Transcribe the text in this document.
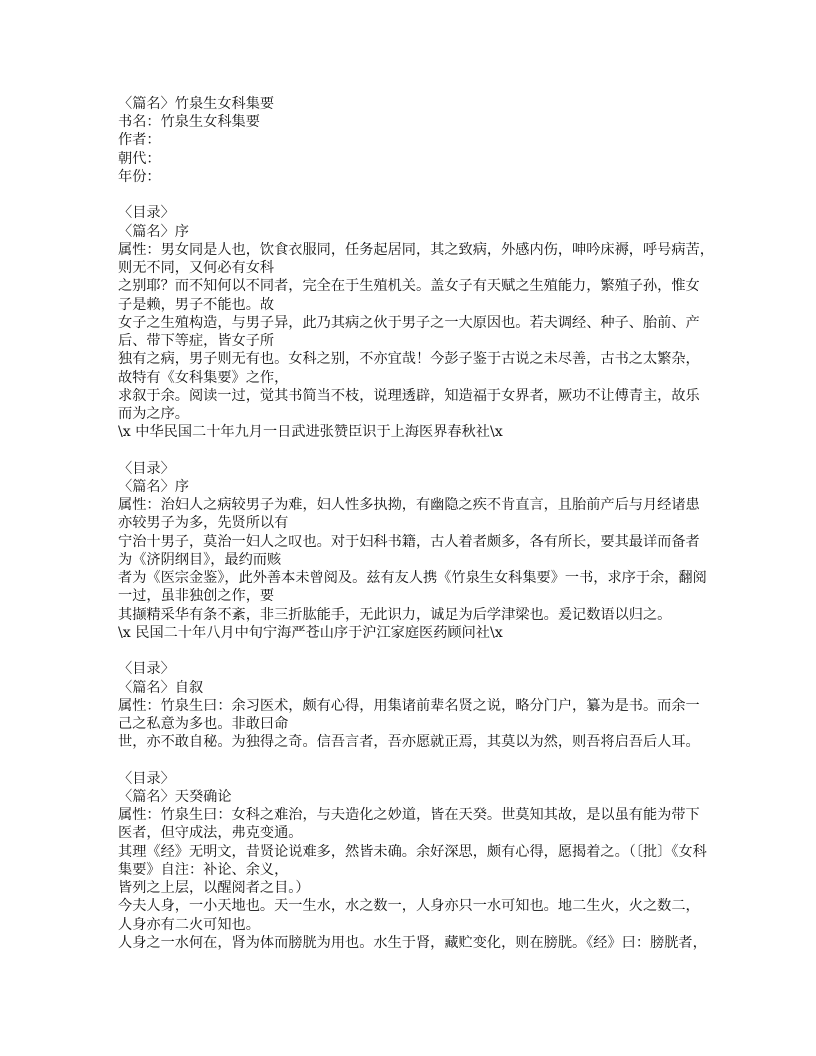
〈篇名〉竹泉生女科集要
书名：竹泉生女科集要
作者：
朝代：
年份：
〈目录〉
〈篇名〉序
属性：男女同是人也，饮食衣服同，任务起居同，其之致病，外感内伤，呻吟床褥，呼号病苦，
则无不同，又何必有女科
之别耶？而不知何以不同者，完全在于生殖机关。盖女子有天赋之生殖能力，繁殖子孙，惟女
子是赖，男子不能也。故
女子之生殖构造，与男子异，此乃其病之伙于男子之一大原因也。若夫调经、种子、胎前、产
后、带下等症，皆女子所
独有之病，男子则无有也。女科之别，不亦宜哉！今彭子鉴于古说之未尽善，古书之太繁杂，
故特有《女科集要》之作，
求叙于余。阅读一过，觉其书简当不枝，说理透辟，知造福于女界者，厥功不让傅青主，故乐
而为之序。
\x 中华民国二十年九月一日武进张赞臣识于上海医界春秋社\x
〈目录〉
〈篇名〉序
属性：治妇人之病较男子为难，妇人性多执拗，有幽隐之疾不肯直言，且胎前产后与月经诸患
亦较男子为多，先贤所以有
宁治十男子，莫治一妇人之叹也。对于妇科书籍，古人着者颇多，各有所长，要其最详而备者
为《济阴纲目》，最约而赅
者为《医宗金鉴》，此外善本未曾阅及。兹有友人携《竹泉生女科集要》一书，求序于余，翻阅
一过，虽非独创之作，要
其撷精采华有条不紊，非三折肱能手，无此识力，诚足为后学津梁也。爰记数语以归之。
\x 民国二十年八月中旬宁海严苍山序于沪江家庭医药顾问社\x
〈目录〉
〈篇名〉自叙
属性：竹泉生曰：余习医术，颇有心得，用集诸前辈名贤之说，略分门户，纂为是书。而余一
己之私意为多也。非敢曰命
世，亦不敢自秘。为独得之奇。信吾言者，吾亦愿就正焉，其莫以为然，则吾将启吾后人耳。
〈目录〉
〈篇名〉天癸确论
属性：竹泉生曰：女科之难治，与夫造化之妙道，皆在天癸。世莫知其故，是以虽有能为带下
医者，但守成法，弗克变通。
其理《经》无明文，昔贤论说难多，然皆未确。余好深思，颇有心得，愿揭着之。（〔批〕《女科
集要》自注：补论、余义，
皆列之上层，以醒阅者之目。）
今夫人身，一小天地也。天一生水，水之数一，人身亦只一水可知也。地二生火，火之数二，
人身亦有二火可知也。
人身之一水何在，肾为体而膀胱为用也。水生于肾，藏贮变化，则在膀胱。《经》曰：膀胱者，
